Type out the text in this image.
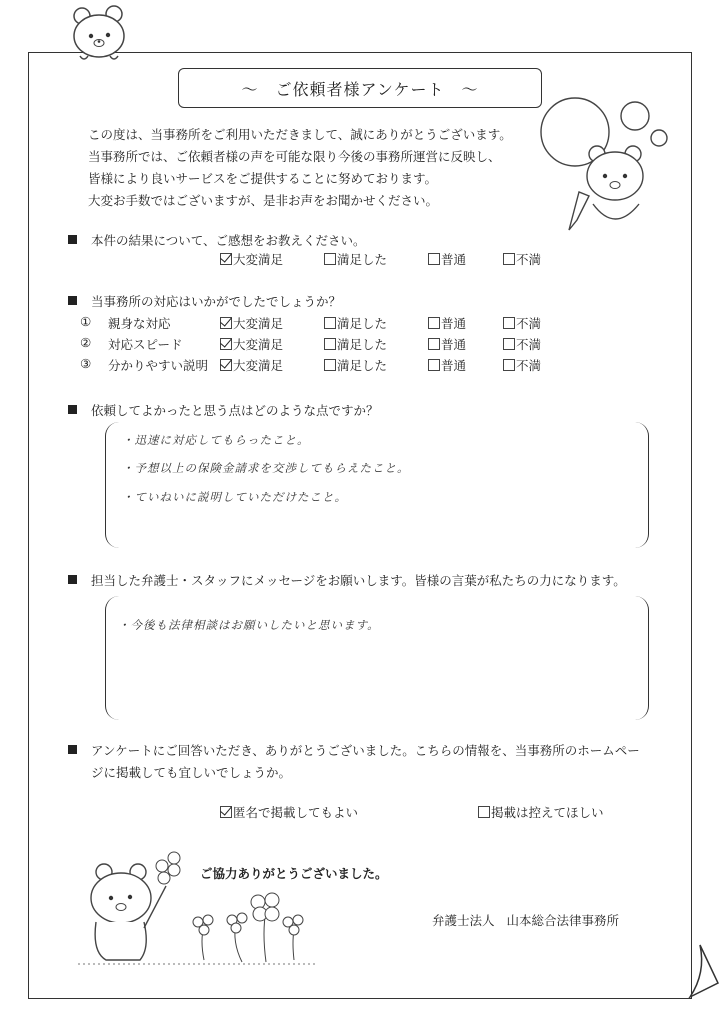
～　ご依頼者様アンケート　～
この度は、当事務所をご利用いただきまして、誠にありがとうございます。
当事務所では、ご依頼者様の声を可能な限り今後の事務所運営に反映し、
皆様により良いサービスをご提供することに努めております。
大変お手数ではございますが、是非お声をお聞かせください。
本件の結果について、ご感想をお教えください。
大変満足	満足した	普通	不満
当事務所の対応はいかがでしたでしょうか？
① 親身な対応	大変満足	満足した	普通	不満
② 対応スピード	大変満足	満足した	普通	不満
③ 分かりやすい説明	大変満足	満足した	普通	不満
依頼してよかったと思う点はどのような点ですか？
・迅速に対応してもらったこと。
・予想以上の保険金請求を交渉してもらえたこと。
・ていねいに説明していただけたこと。
担当した弁護士・スタッフにメッセージをお願いします。皆様の言葉が私たちの力になります。
・今後も法律相談はお願いしたいと思います。
アンケートにご回答いただき、ありがとうございました。こちらの情報を、当事務所のホームペー
ジに掲載しても宜しいでしょうか。
匿名で掲載してもよい	掲載は控えてほしい
ご協力ありがとうございました。
弁護士法人 山本総合法律事務所
